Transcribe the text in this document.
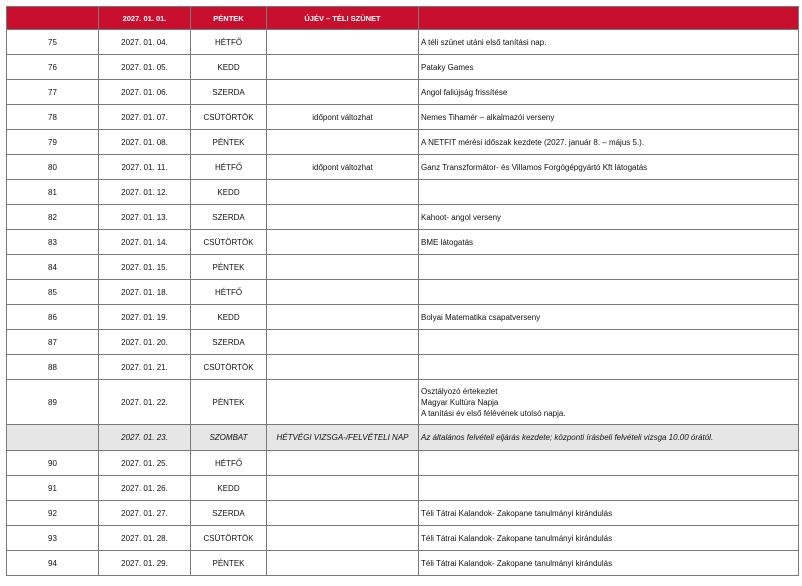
	2027. 01. 01.	PÉNTEK	ÚJÉV – TÉLI SZÜNET	
75	2027. 01. 04.	HÉTFŐ		A téli szünet utáni első tanítási nap.
76	2027. 01. 05.	KEDD		Pataky Games
77	2027. 01. 06.	SZERDA		Angol faliújság frissítése
78	2027. 01. 07.	CSÜTÖRTÖK	időpont változhat	Nemes Tihamér – alkalmazói verseny
79	2027. 01. 08.	PÉNTEK		A NETFIT mérési időszak kezdete (2027. január 8. – május 5.).
80	2027. 01. 11.	HÉTFŐ	időpont változhat	Ganz Transzformátor- és Villamos Forgógépgyártó Kft látogatás
81	2027. 01. 12.	KEDD		
82	2027. 01. 13.	SZERDA		Kahoot- angol verseny
83	2027. 01. 14.	CSÜTÖRTÖK		BME látogatás
84	2027. 01. 15.	PÉNTEK		
85	2027. 01. 18.	HÉTFŐ		
86	2027. 01. 19.	KEDD		Bolyai Matematika csapatverseny
87	2027. 01. 20.	SZERDA		
88	2027. 01. 21.	CSÜTÖRTÖK		
89	2027. 01. 22.	PÉNTEK		Osztályozó értekezlet
Magyar Kultúra Napja
A tanítási év első félévének utolsó napja.

	2027. 01. 23.	SZOMBAT	HÉTVÉGI VIZSGA-/FELVÉTELI NAP	Az általános felvételi eljárás kezdete; központi írásbeli felvételi vizsga 10.00 órától.
90	2027. 01. 25.	HÉTFŐ		
91	2027. 01. 26.	KEDD		
92	2027. 01. 27.	SZERDA		Téli Tátrai Kalandok- Zakopane tanulmányi kirándulás
93	2027. 01. 28.	CSÜTÖRTÖK		Téli Tátrai Kalandok- Zakopane tanulmányi kirándulás
94	2027. 01. 29.	PÉNTEK		Téli Tátrai Kalandok- Zakopane tanulmányi kirándulás
